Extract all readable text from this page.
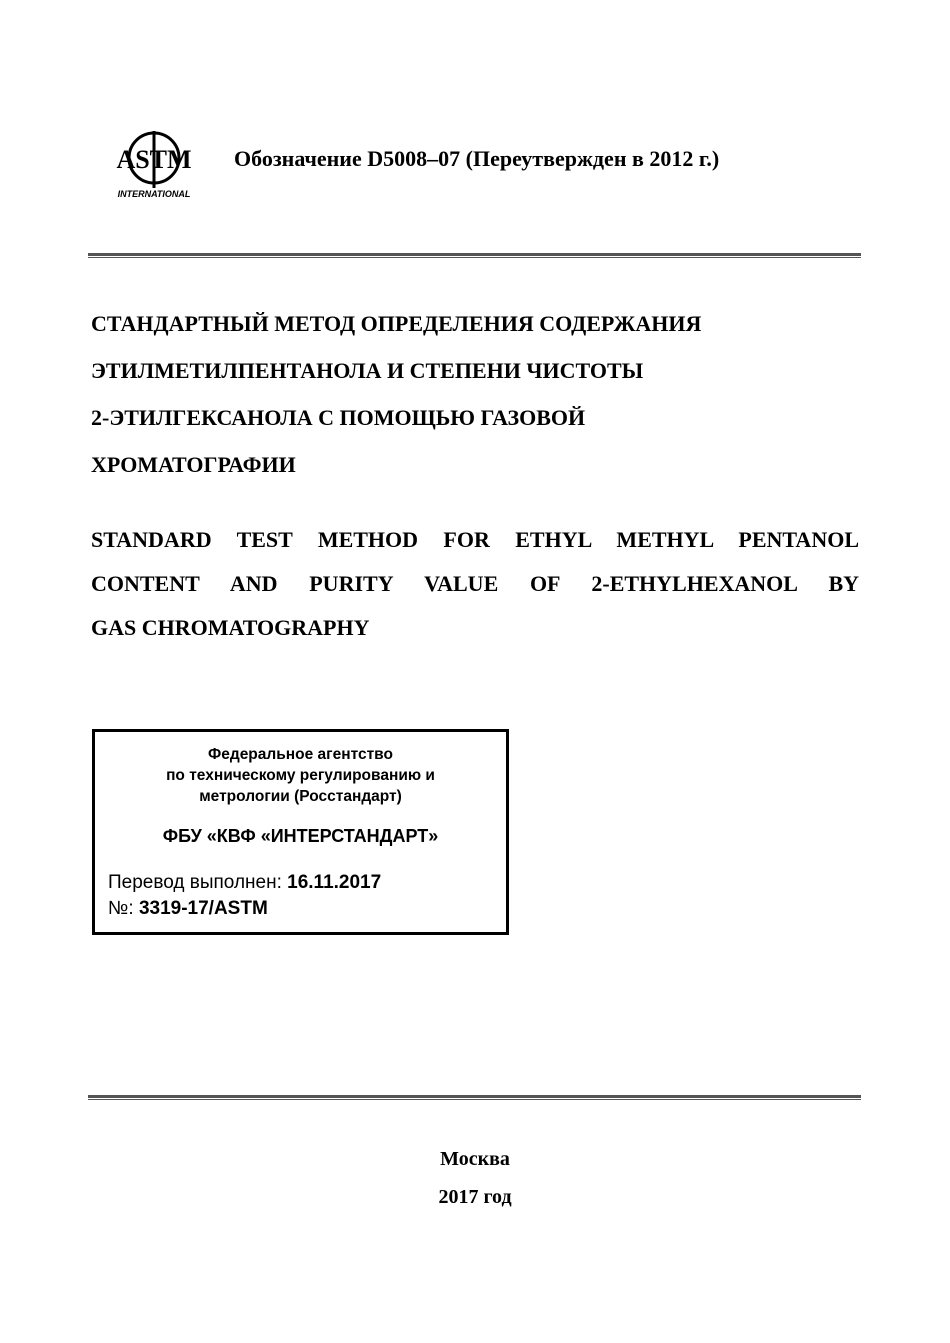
ASTM
INTERNATIONAL
Обозначение D5008–07 (Переутвержден в 2012 г.)
СТАНДАРТНЫЙ МЕТОД ОПРЕДЕЛЕНИЯ СОДЕРЖАНИЯ
ЭТИЛМЕТИЛПЕНТАНОЛА И СТЕПЕНИ ЧИСТОТЫ
2-ЭТИЛГЕКСАНОЛА С ПОМОЩЬЮ ГАЗОВОЙ
ХРОМАТОГРАФИИ
STANDARD TEST METHOD FOR ETHYL METHYL PENTANOL
CONTENT AND PURITY VALUE OF 2-ETHYLHEXANOL BY
GAS CHROMATOGRAPHY
Федеральное агентство
по техническому регулированию и
метрологии (Росстандарт)
ФБУ «КВФ «ИНТЕРСТАНДАРТ»
Перевод выполнен: 16.11.2017
№: 3319-17/ASTM
Москва
2017 год
